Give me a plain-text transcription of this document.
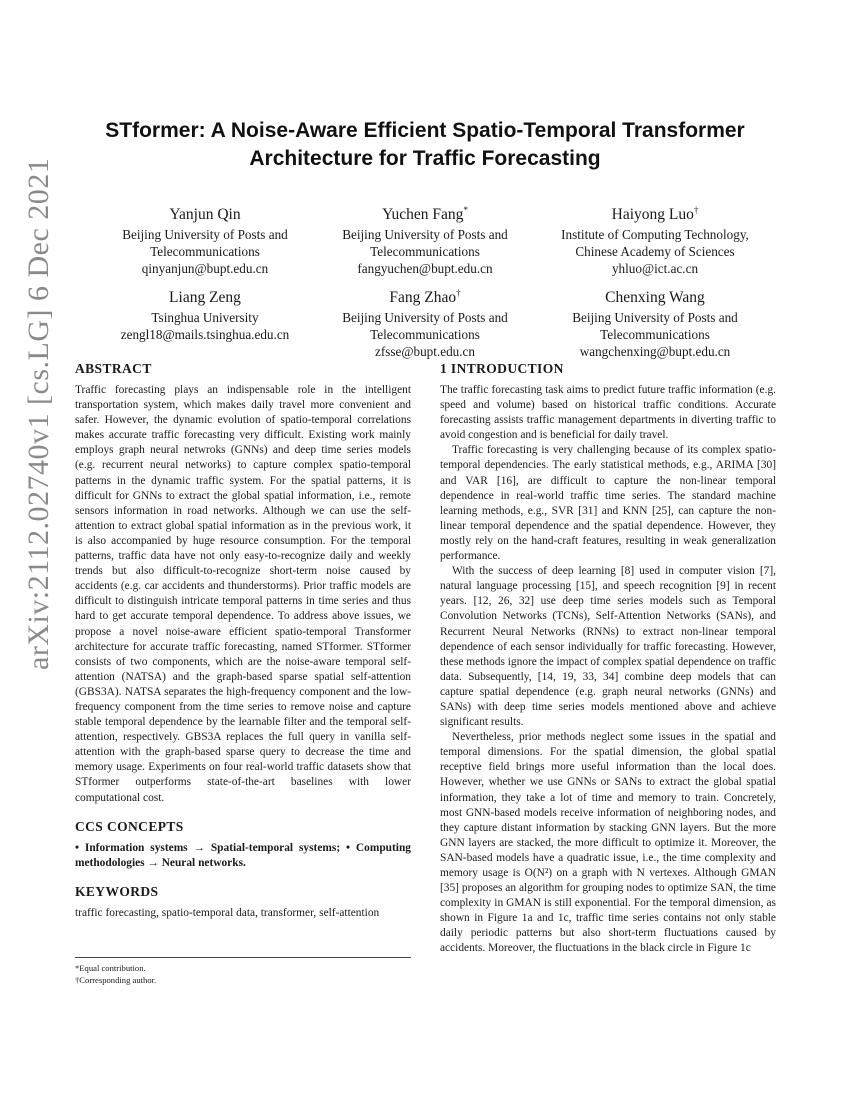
arXiv:2112.02740v1 [cs.LG] 6 Dec 2021
STformer: A Noise-Aware Efficient Spatio-Temporal Transformer
Architecture for Traffic Forecasting
Yanjun Qin
Beijing University of Posts and
Telecommunications
qinyanjun@bupt.edu.cn
Yuchen Fang*
Beijing University of Posts and
Telecommunications
fangyuchen@bupt.edu.cn
Haiyong Luo†
Institute of Computing Technology,
Chinese Academy of Sciences
yhluo@ict.ac.cn
Liang Zeng
Tsinghua University
zengl18@mails.tsinghua.edu.cn
Fang Zhao†
Beijing University of Posts and
Telecommunications
zfsse@bupt.edu.cn
Chenxing Wang
Beijing University of Posts and
Telecommunications
wangchenxing@bupt.edu.cn
ABSTRACT

Traffic forecasting plays an indispensable role in the intelligent transportation system, which makes daily travel more convenient and safer. However, the dynamic evolution of spatio-temporal correlations makes accurate traffic forecasting very difficult. Existing work mainly employs graph neural netwroks (GNNs) and deep time series models (e.g. recurrent neural networks) to capture complex spatio-temporal patterns in the dynamic traffic system. For the spatial patterns, it is difficult for GNNs to extract the global spatial information, i.e., remote sensors information in road networks. Although we can use the self-attention to extract global spatial information as in the previous work, it is also accompanied by huge resource consumption. For the temporal patterns, traffic data have not only easy-to-recognize daily and weekly trends but also difficult-to-recognize short-term noise caused by accidents (e.g. car accidents and thunderstorms). Prior traffic models are difficult to distinguish intricate temporal patterns in time series and thus hard to get accurate temporal dependence. To address above issues, we propose a novel noise-aware efficient spatio-temporal Transformer architecture for accurate traffic forecasting, named STformer. STformer consists of two components, which are the noise-aware temporal self-attention (NATSA) and the graph-based sparse spatial self-attention (GBS3A). NATSA separates the high-frequency component and the low-frequency component from the time series to remove noise and capture stable temporal dependence by the learnable filter and the temporal self-attention, respectively. GBS3A replaces the full query in vanilla self-attention with the graph-based sparse query to decrease the time and memory usage. Experiments on four real-world traffic datasets show that STformer outperforms state-of-the-art baselines with lower computational cost.

CCS CONCEPTS

• Information systems → Spatial-temporal systems; • Computing methodologies → Neural networks.

KEYWORDS

traffic forecasting, spatio-temporal data, transformer, self-attention

*Equal contribution.
†Corresponding author.
1 INTRODUCTION

The traffic forecasting task aims to predict future traffic information (e.g. speed and volume) based on historical traffic conditions. Accurate forecasting assists traffic management departments in diverting traffic to avoid congestion and is beneficial for daily travel.

Traffic forecasting is very challenging because of its complex spatio-temporal dependencies. The early statistical methods, e.g., ARIMA [30] and VAR [16], are difficult to capture the non-linear temporal dependence in real-world traffic time series. The standard machine learning methods, e.g., SVR [31] and KNN [25], can capture the non-linear temporal dependence and the spatial dependence. However, they mostly rely on the hand-craft features, resulting in weak generalization performance.

With the success of deep learning [8] used in computer vision [7], natural language processing [15], and speech recognition [9] in recent years. [12, 26, 32] use deep time series models such as Temporal Convolution Networks (TCNs), Self-Attention Networks (SANs), and Recurrent Neural Networks (RNNs) to extract non-linear temporal dependence of each sensor individually for traffic forecasting. However, these methods ignore the impact of complex spatial dependence on traffic data. Subsequently, [14, 19, 33, 34] combine deep models that can capture spatial dependence (e.g. graph neural networks (GNNs) and SANs) with deep time series models mentioned above and achieve significant results.

Nevertheless, prior methods neglect some issues in the spatial and temporal dimensions. For the spatial dimension, the global spatial receptive field brings more useful information than the local does. However, whether we use GNNs or SANs to extract the global spatial information, they take a lot of time and memory to train. Concretely, most GNN-based models receive information of neighboring nodes, and they capture distant information by stacking GNN layers. But the more GNN layers are stacked, the more difficult to optimize it. Moreover, the SAN-based models have a quadratic issue, i.e., the time complexity and memory usage is O(N²) on a graph with N vertexes. Although GMAN [35] proposes an algorithm for grouping nodes to optimize SAN, the time complexity in GMAN is still exponential. For the temporal dimension, as shown in Figure 1a and 1c, traffic time series contains not only stable daily periodic patterns but also short-term fluctuations caused by accidents. Moreover, the fluctuations in the black circle in Figure 1c
